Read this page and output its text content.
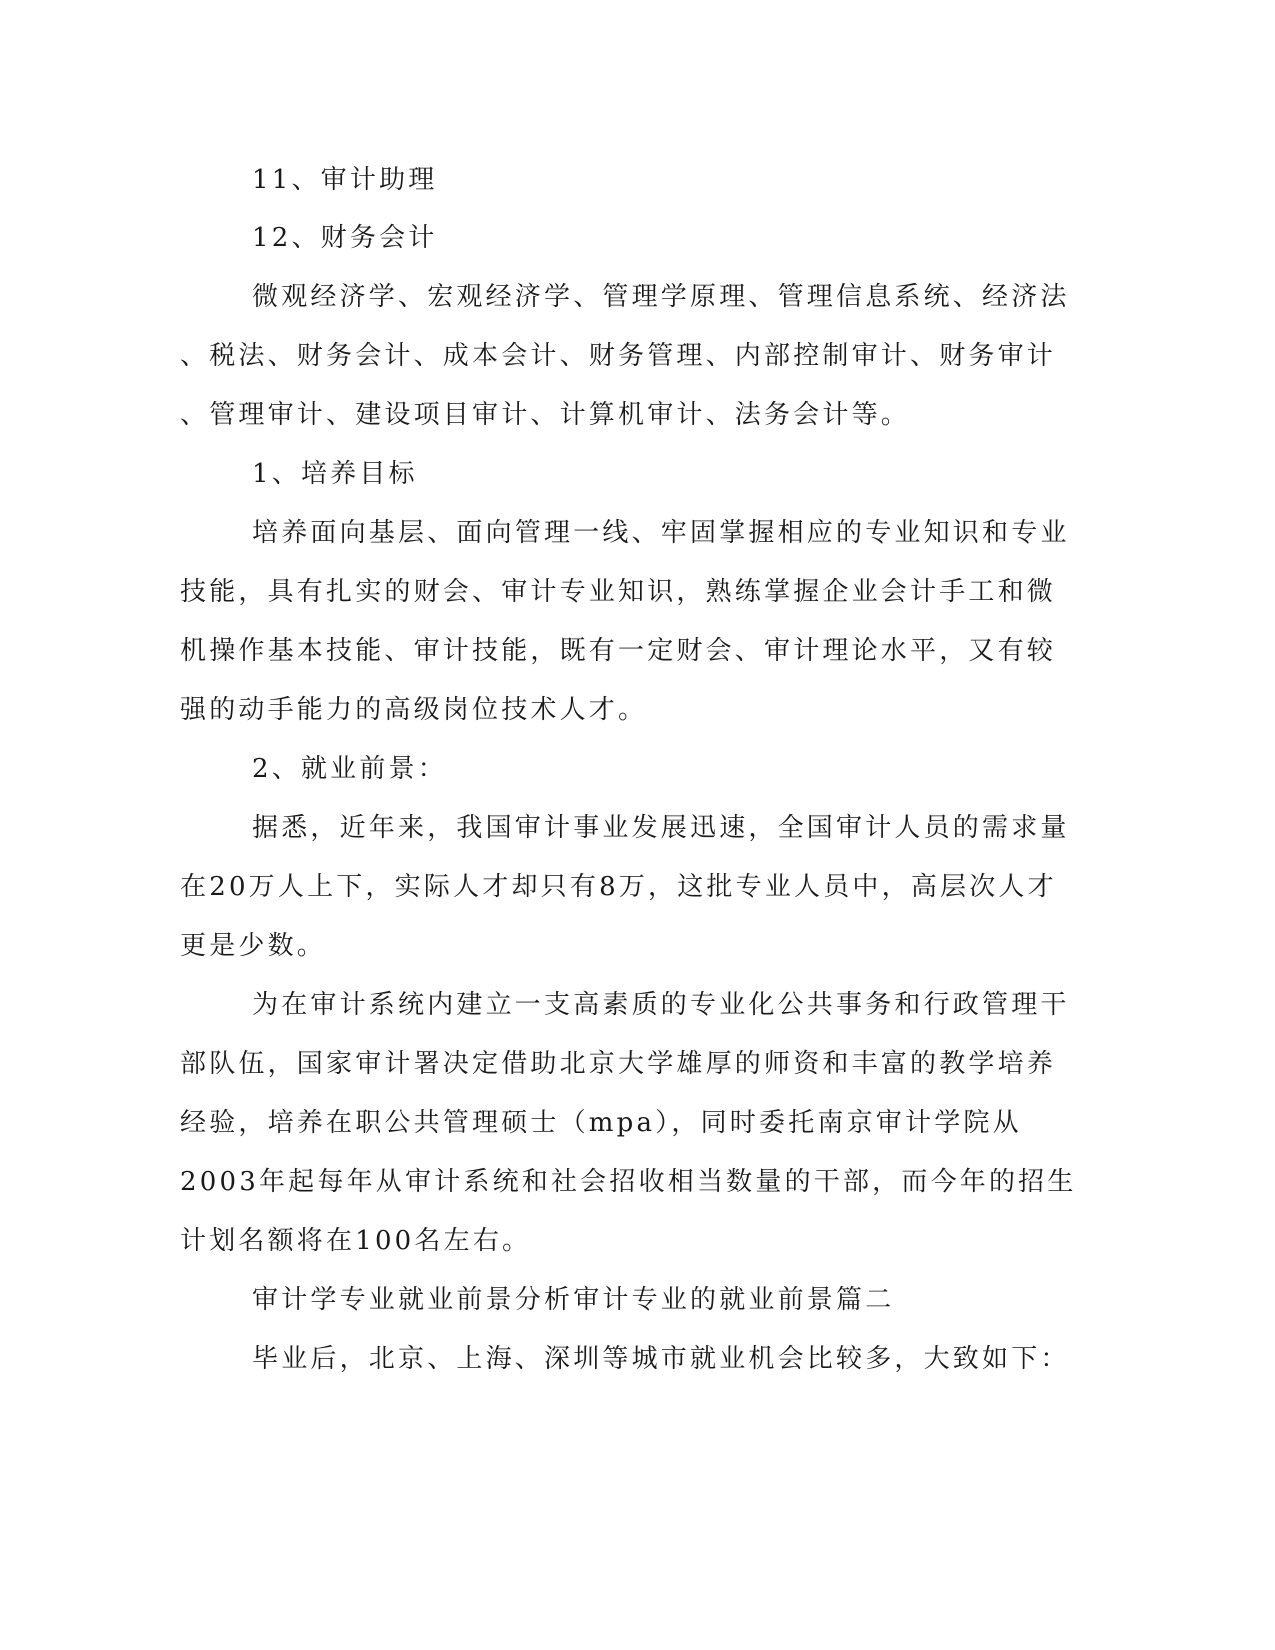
11、审计助理
12、财务会计
微观经济学、宏观经济学、管理学原理、管理信息系统、经济法
、税法、财务会计、成本会计、财务管理、内部控制审计、财务审计
、管理审计、建设项目审计、计算机审计、法务会计等。
1、培养目标
培养面向基层、面向管理一线、牢固掌握相应的专业知识和专业
技能，具有扎实的财会、审计专业知识，熟练掌握企业会计手工和微
机操作基本技能、审计技能，既有一定财会、审计理论水平，又有较
强的动手能力的高级岗位技术人才。
2、就业前景：
据悉，近年来，我国审计事业发展迅速，全国审计人员的需求量
在20万人上下，实际人才却只有8万，这批专业人员中，高层次人才
更是少数。
为在审计系统内建立一支高素质的专业化公共事务和行政管理干
部队伍，国家审计署决定借助北京大学雄厚的师资和丰富的教学培养
经验，培养在职公共管理硕士（mpa），同时委托南京审计学院从
2003年起每年从审计系统和社会招收相当数量的干部，而今年的招生
计划名额将在100名左右。
审计学专业就业前景分析审计专业的就业前景篇二
毕业后，北京、上海、深圳等城市就业机会比较多，大致如下：
